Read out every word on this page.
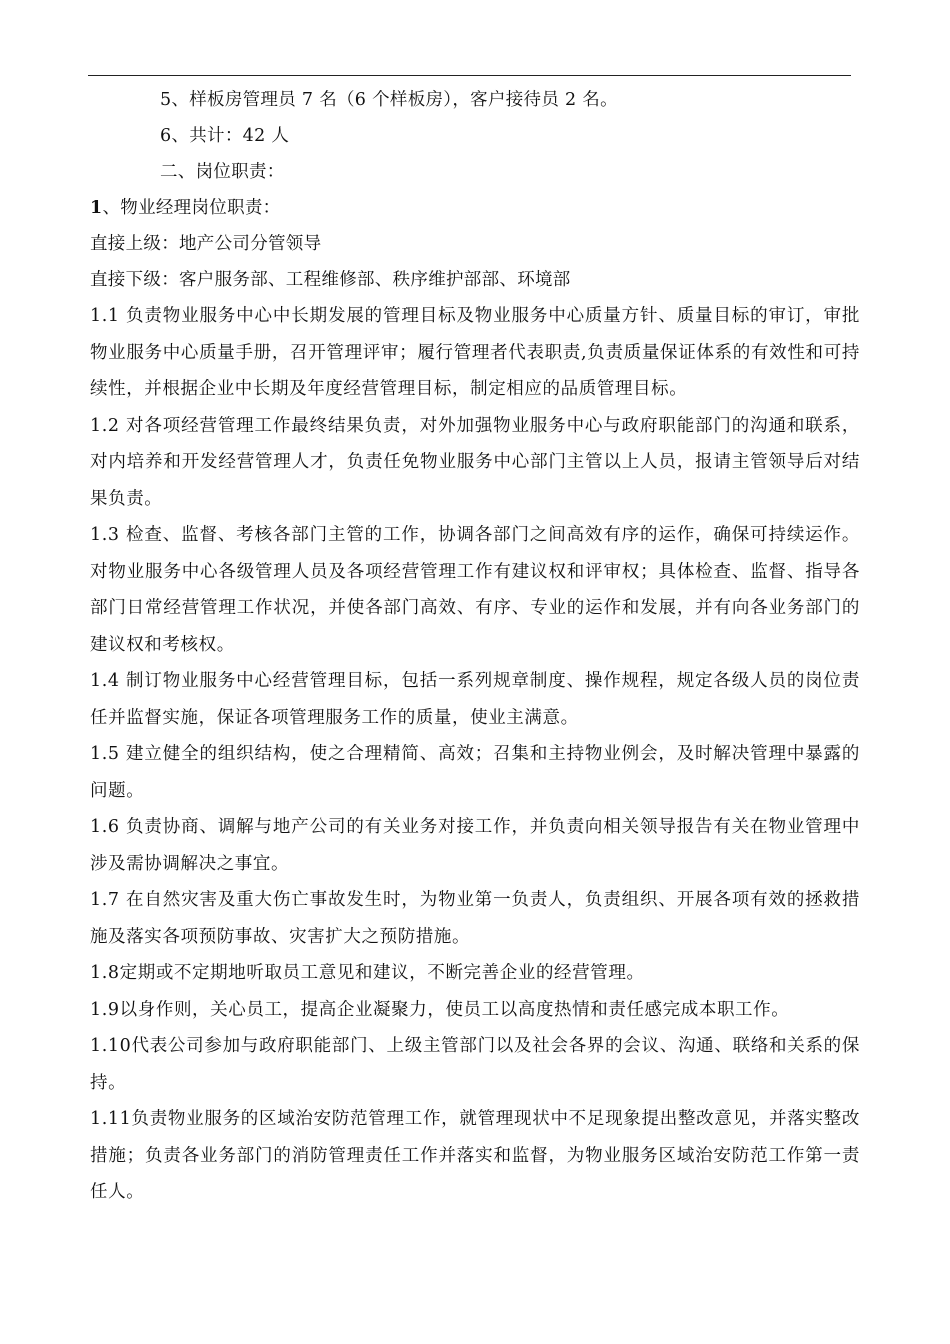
5、样板房管理员 7 名（6 个样板房），客户接待员 2 名。
6、共计：42 人
二、岗位职责：
1、物业经理岗位职责：
直接上级：地产公司分管领导
直接下级：客户服务部、工程维修部、秩序维护部部、环境部
1.1 负责物业服务中心中长期发展的管理目标及物业服务中心质量方针、质量目标的审订，审批物业服务中心质量手册，召开管理评审；履行管理者代表职责,负责质量保证体系的有效性和可持续性，并根据企业中长期及年度经营管理目标，制定相应的品质管理目标。
1.2 对各项经营管理工作最终结果负责，对外加强物业服务中心与政府职能部门的沟通和联系，对内培养和开发经营管理人才，负责任免物业服务中心部门主管以上人员，报请主管领导后对结果负责。
1.3 检查、监督、考核各部门主管的工作，协调各部门之间高效有序的运作，确保可持续运作。对物业服务中心各级管理人员及各项经营管理工作有建议权和评审权；具体检查、监督、指导各部门日常经营管理工作状况，并使各部门高效、有序、专业的运作和发展，并有向各业务部门的建议权和考核权。
1.4 制订物业服务中心经营管理目标，包括一系列规章制度、操作规程，规定各级人员的岗位责任并监督实施，保证各项管理服务工作的质量，使业主满意。
1.5 建立健全的组织结构，使之合理精简、高效；召集和主持物业例会，及时解决管理中暴露的问题。
1.6 负责协商、调解与地产公司的有关业务对接工作，并负责向相关领导报告有关在物业管理中涉及需协调解决之事宜。
1.7 在自然灾害及重大伤亡事故发生时，为物业第一负责人，负责组织、开展各项有效的拯救措施及落实各项预防事故、灾害扩大之预防措施。
1.8定期或不定期地听取员工意见和建议，不断完善企业的经营管理。
1.9以身作则，关心员工，提高企业凝聚力，使员工以高度热情和责任感完成本职工作。
1.10代表公司参加与政府职能部门、上级主管部门以及社会各界的会议、沟通、联络和关系的保持。
1.11负责物业服务的区域治安防范管理工作，就管理现状中不足现象提出整改意见，并落实整改措施；负责各业务部门的消防管理责任工作并落实和监督，为物业服务区域治安防范工作第一责任人。
